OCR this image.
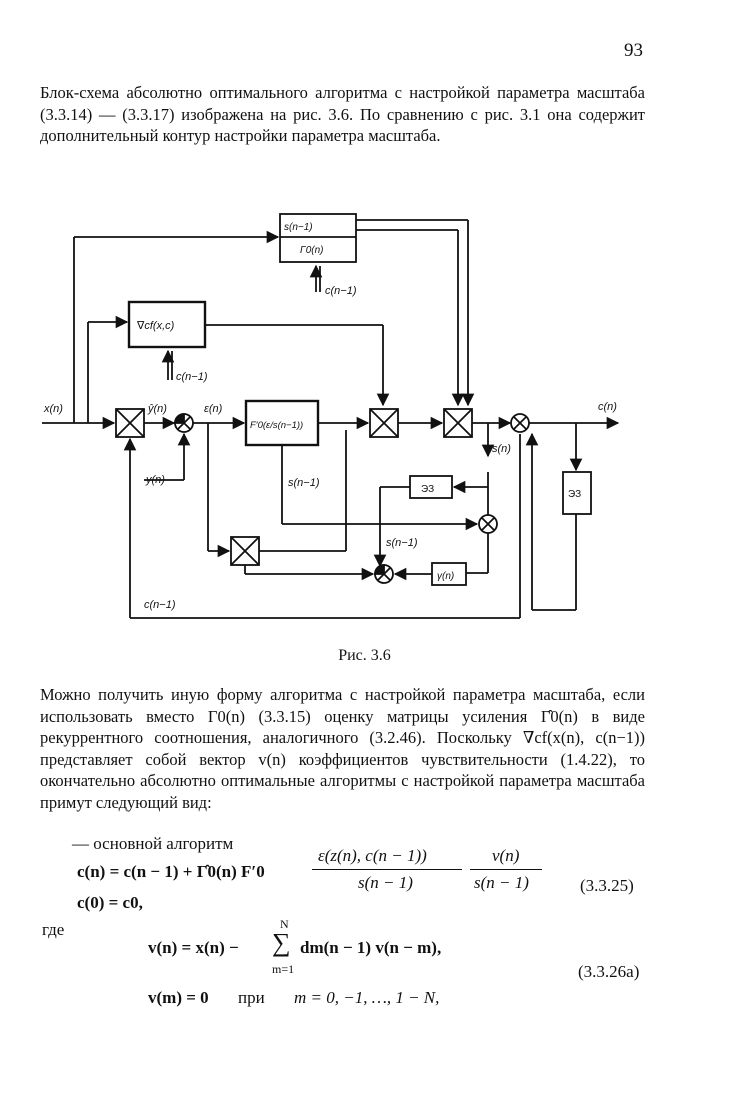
93

Блок-схема абсолютно оптимального алгоритма с настройкой параметра масштаба (3.3.14) — (3.3.17) изображена на рис. 3.6. По сравнению с рис. 3.1 она содержит дополнительный контур настройки параметра масштаба.

x(n)	ŷ(n)	ε(n)
y(n)
c(n)
c(n−1)
c(n−1)
c(n−1)
s(n)
s(n−1)
s(n−1)
s(n−1)
Γ0(n)
∇cf(x,c)
F′0(ε/s(n−1))
ЭЗ	ЭЗ
γ(n)
Рис. 3.6

Можно получить иную форму алгоритма с настройкой параметра масштаба, если использовать вместо Γ0(n) (3.3.15) оценку матрицы усиления Γ̂0(n) в виде рекуррентного соотношения, аналогичного (3.2.46). Поскольку ∇cf(x(n), c(n−1)) представляет собой вектор v(n) коэффициентов чувствительности (1.4.22), то окончательно абсолютно оптимальные алгоритмы с настройкой параметра масштаба примут следующий вид:

— основной алгоритм
c(n) = c(n − 1) + Γ̂0(n) F′0
ε(z(n), c(n − 1))
s(n − 1)
v(n)
s(n − 1)	(3.3.25)
c(0) = c0,
где
v(n) = x(n) −
N
∑
m=1
dm(n − 1) v(n − m),
(3.3.26a)
v(m) = 0 при m = 0, −1, …, 1 − N,
